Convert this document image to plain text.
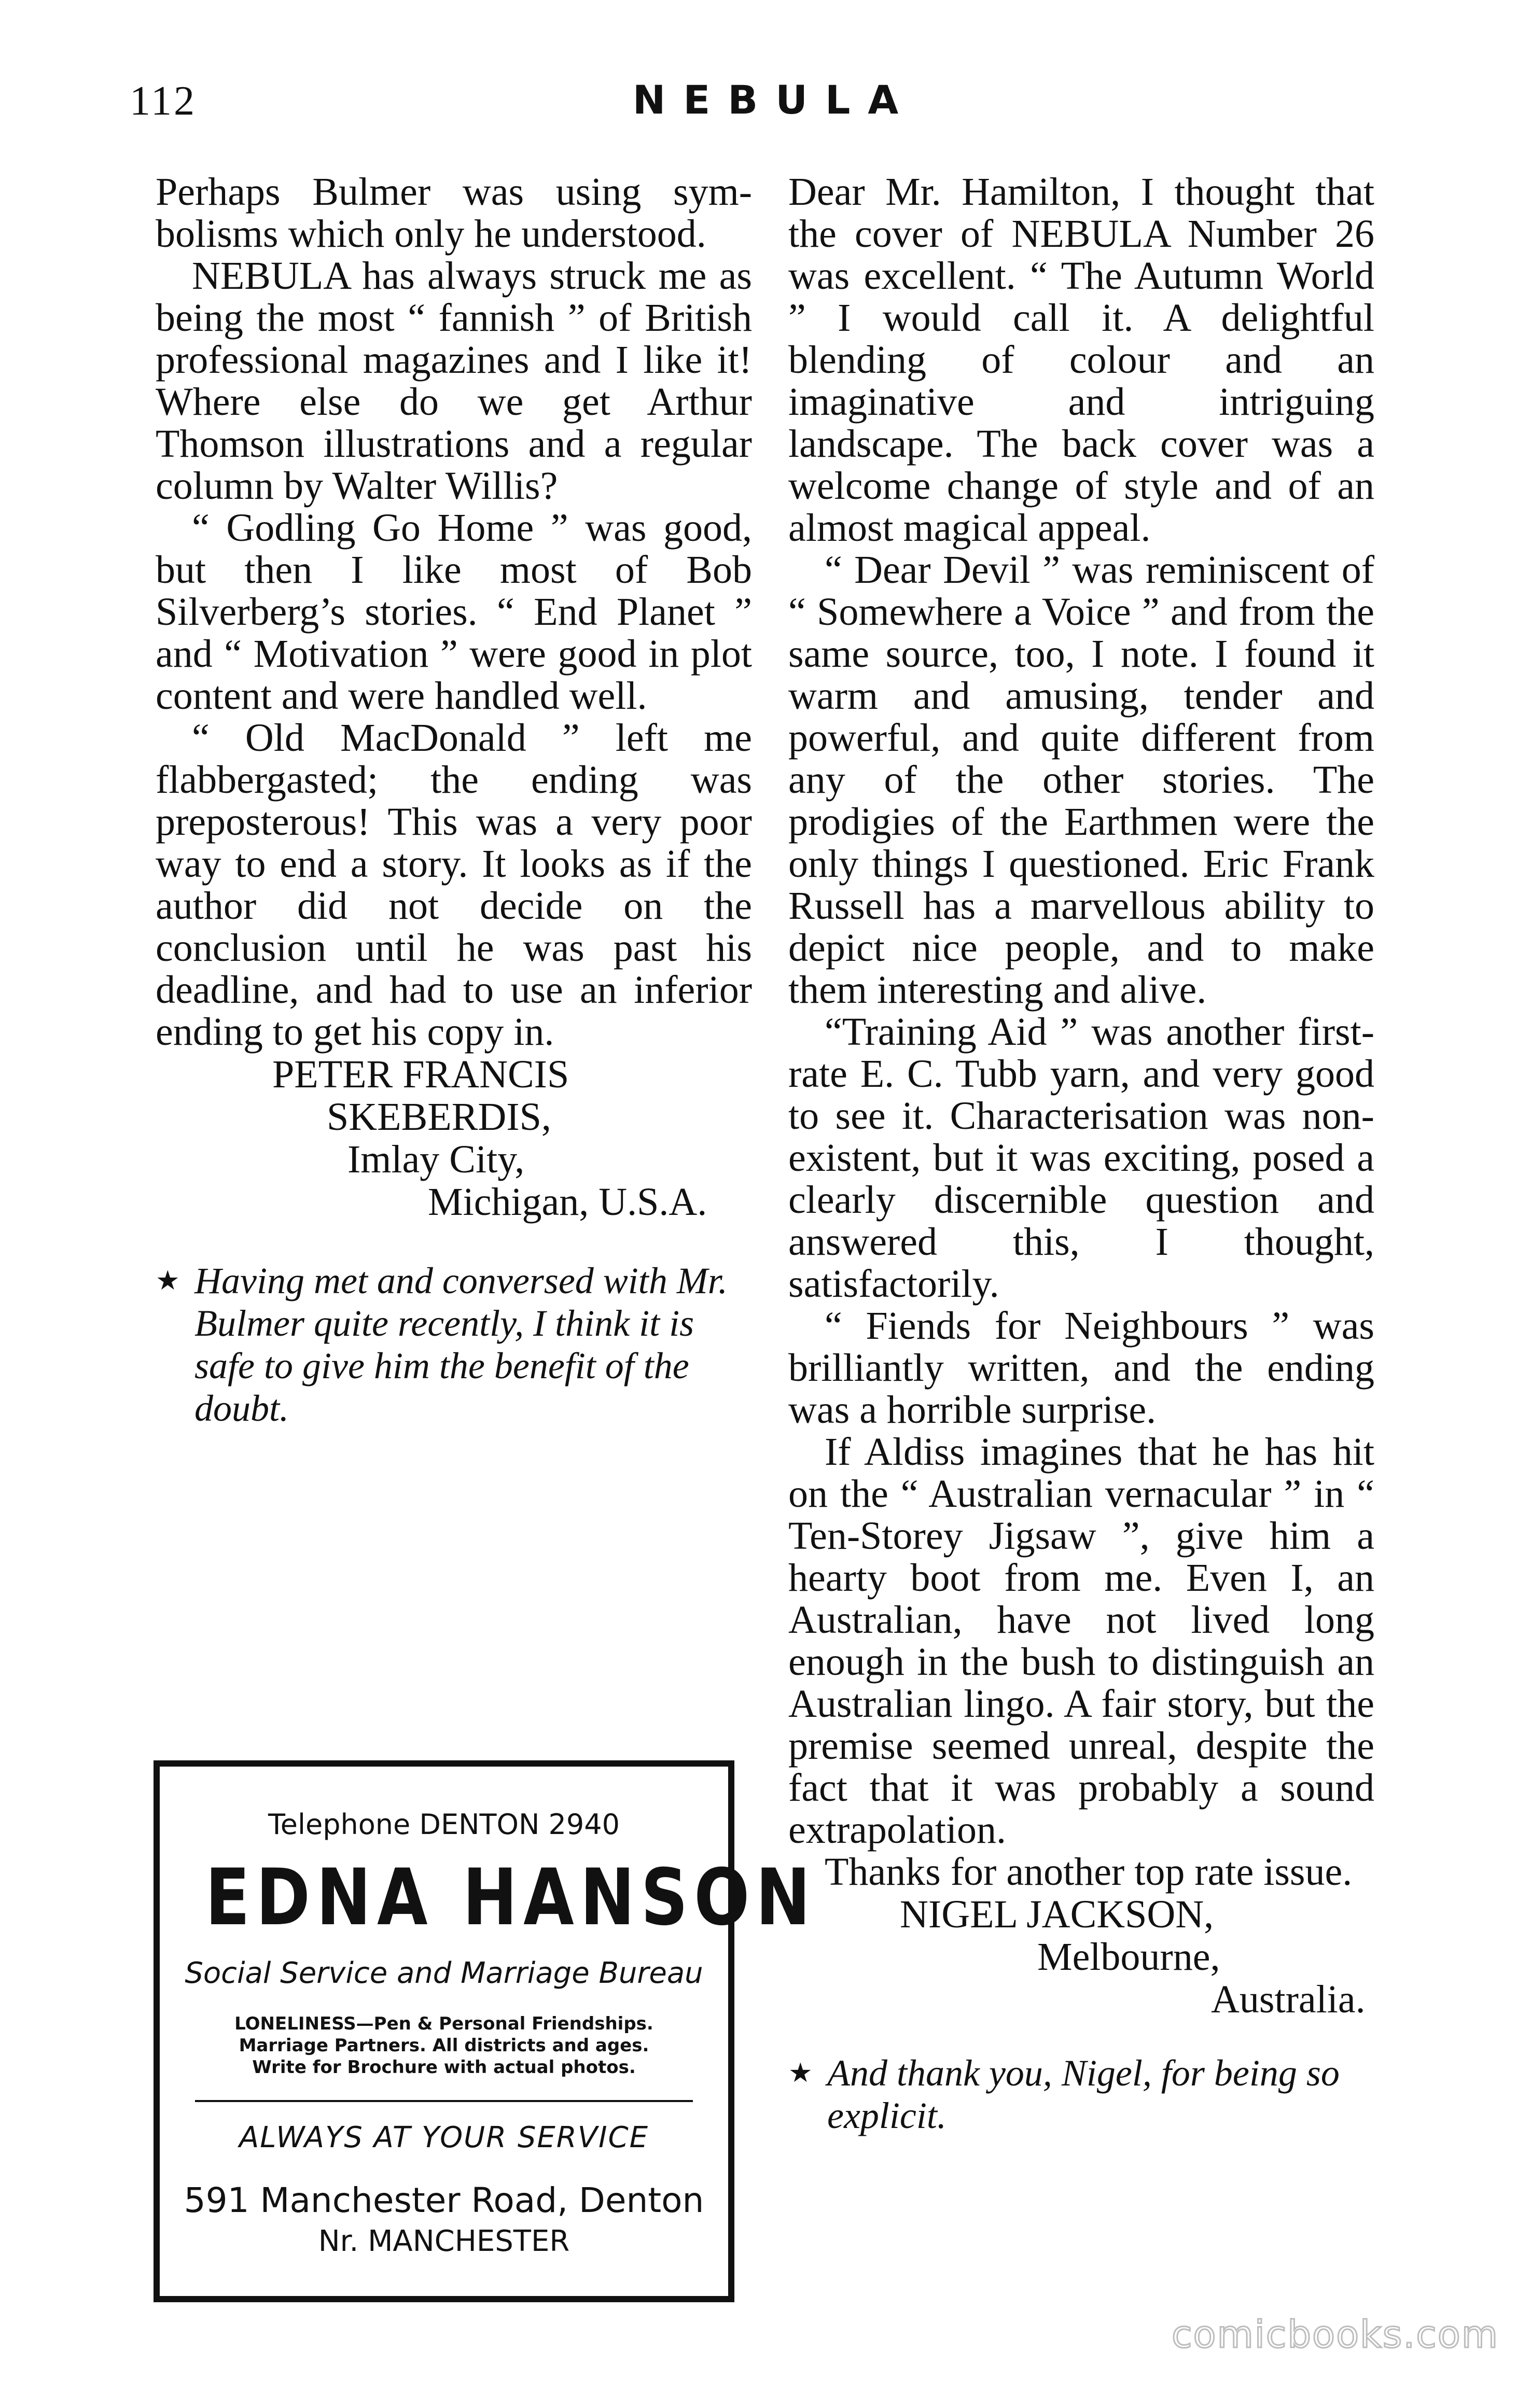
112	NEBULA

Perhaps Bulmer was using symbolisms which only he understood.

NEBULA has always struck me as being the most “ fannish ” of British professional magazines and I like it! Where else do we get Arthur Thomson illustrations and a regular column by Walter Willis?

“ Godling Go Home ” was good, but then I like most of Bob Silverberg’s stories. “ End Planet ” and “ Motivation ” were good in plot content and were handled well.

“ Old MacDonald ” left me flabbergasted; the ending was preposterous! This was a very poor way to end a story. It looks as if the author did not decide on the conclusion until he was past his deadline, and had to use an inferior ending to get his copy in.

PETER FRANCIS
SKEBERDIS,
Imlay City,
Michigan, U.S.A.
★ Having met and conversed with Mr. Bulmer quite recently, I think it is safe to give him the benefit of the doubt.
Telephone DENTON 2940
EDNA HANSON
Social Service and Marriage Bureau
LONELINESS—Pen & Personal Friendships.
Marriage Partners. All districts and ages.
Write for Brochure with actual photos.
ALWAYS AT YOUR SERVICE
591 Manchester Road, Denton
Nr. MANCHESTER

Dear Mr. Hamilton, I thought that the cover of NEBULA Number 26 was excellent. “ The Autumn World ” I would call it. A delightful blending of colour and an imaginative and intriguing landscape. The back cover was a welcome change of style and of an almost magical appeal.

“ Dear Devil ” was reminiscent of “ Somewhere a Voice ” and from the same source, too, I note. I found it warm and amusing, tender and powerful, and quite different from any of the other stories. The prodigies of the Earthmen were the only things I questioned. Eric Frank Russell has a marvellous ability to depict nice people, and to make them interesting and alive.

“Training Aid ” was another first-rate E. C. Tubb yarn, and very good to see it. Characterisation was non-existent, but it was exciting, posed a clearly discernible question and answered this, I thought, satisfactorily.

“ Fiends for Neighbours ” was brilliantly written, and the ending was a horrible surprise.

If Aldiss imagines that he has hit on the “ Australian vernacular ” in “ Ten-Storey Jigsaw ”, give him a hearty boot from me. Even I, an Australian, have not lived long enough in the bush to distinguish an Australian lingo. A fair story, but the premise seemed unreal, despite the fact that it was probably a sound extrapolation.

Thanks for another top rate issue.

NIGEL JACKSON,
Melbourne,
Australia.
★ And thank you, Nigel, for being so explicit.
comicbooks.com
